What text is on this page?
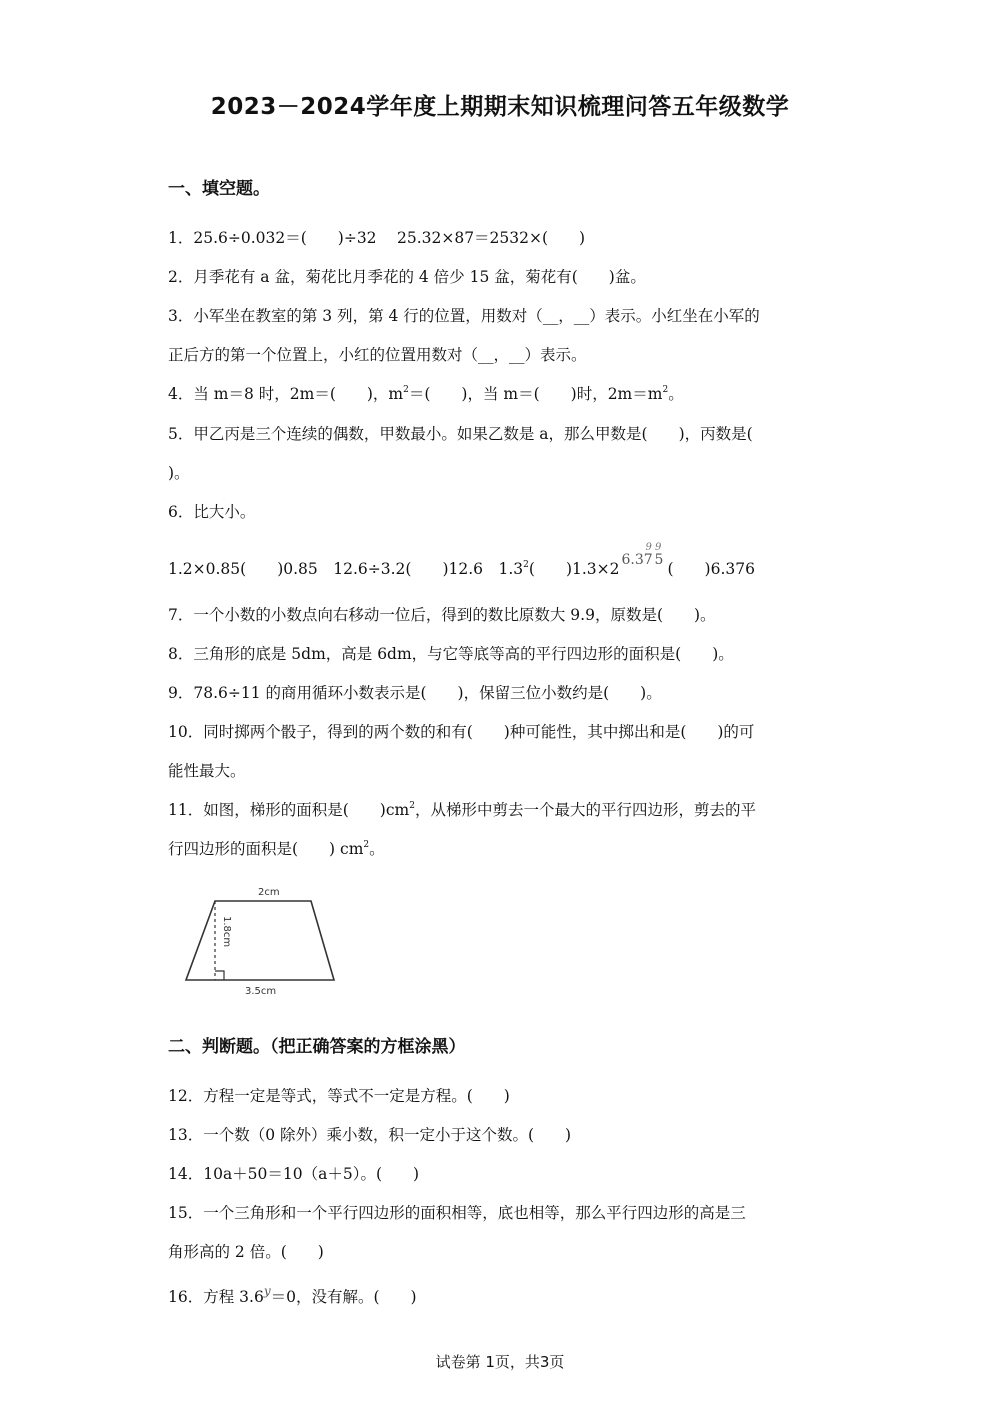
2023－2024学年度上期期末知识梳理问答五年级数学
一、填空题。
1．25.6÷0.032＝(　　)÷32　 25.32×87＝2532×(　　)
2．月季花有 a 盆，菊花比月季花的 4 倍少 15 盆，菊花有(　　)盆。
3．小军坐在教室的第 3 列，第 4 行的位置，用数对（__，__）表示。小红坐在小军的
正后方的第一个位置上，小红的位置用数对（__，__）表示。
4．当 m＝8 时，2m＝(　　)，$m^2=$(　　)，当 m＝(　　)时，$2m=m^2$。
5．甲乙丙是三个连续的偶数，甲数最小。如果乙数是 a，那么甲数是(　　)，丙数是(
)。
6．比大小。
1.2×0.85(　　)0.85　12.6÷3.2(　　)12.6　$1.3^2$(　　)1.3×2 6.37
9 9
5 (　　)6.376
7．一个小数的小数点向右移动一位后，得到的数比原数大 9.9，原数是(　　)。
8．三角形的底是 5dm，高是 6dm，与它等底等高的平行四边形的面积是(　　)。
9．78.6÷11 的商用循环小数表示是(　　)，保留三位小数约是(　　)。
10．同时掷两个骰子，得到的两个数的和有(　　)种可能性，其中掷出和是(　　)的可
能性最大。
11．如图，梯形的面积是(　　)$cm^2$，从梯形中剪去一个最大的平行四边形，剪去的平
行四边形的面积是(　　) $cm^2$。
2cm
1.8cm
3.5cm
二、判断题。（把正确答案的方框涂黑）
12．方程一定是等式，等式不一定是方程。(　　)
13．一个数（0 除外）乘小数，积一定小于这个数。(　　)
14．10a＋50＝10（a＋5）。(　　)
15．一个三角形和一个平行四边形的面积相等，底也相等，那么平行四边形的高是三
角形高的 2 倍。(　　)
16．方程 $3.6^y=0$，没有解。(　　)
试卷第 1页，共3页
